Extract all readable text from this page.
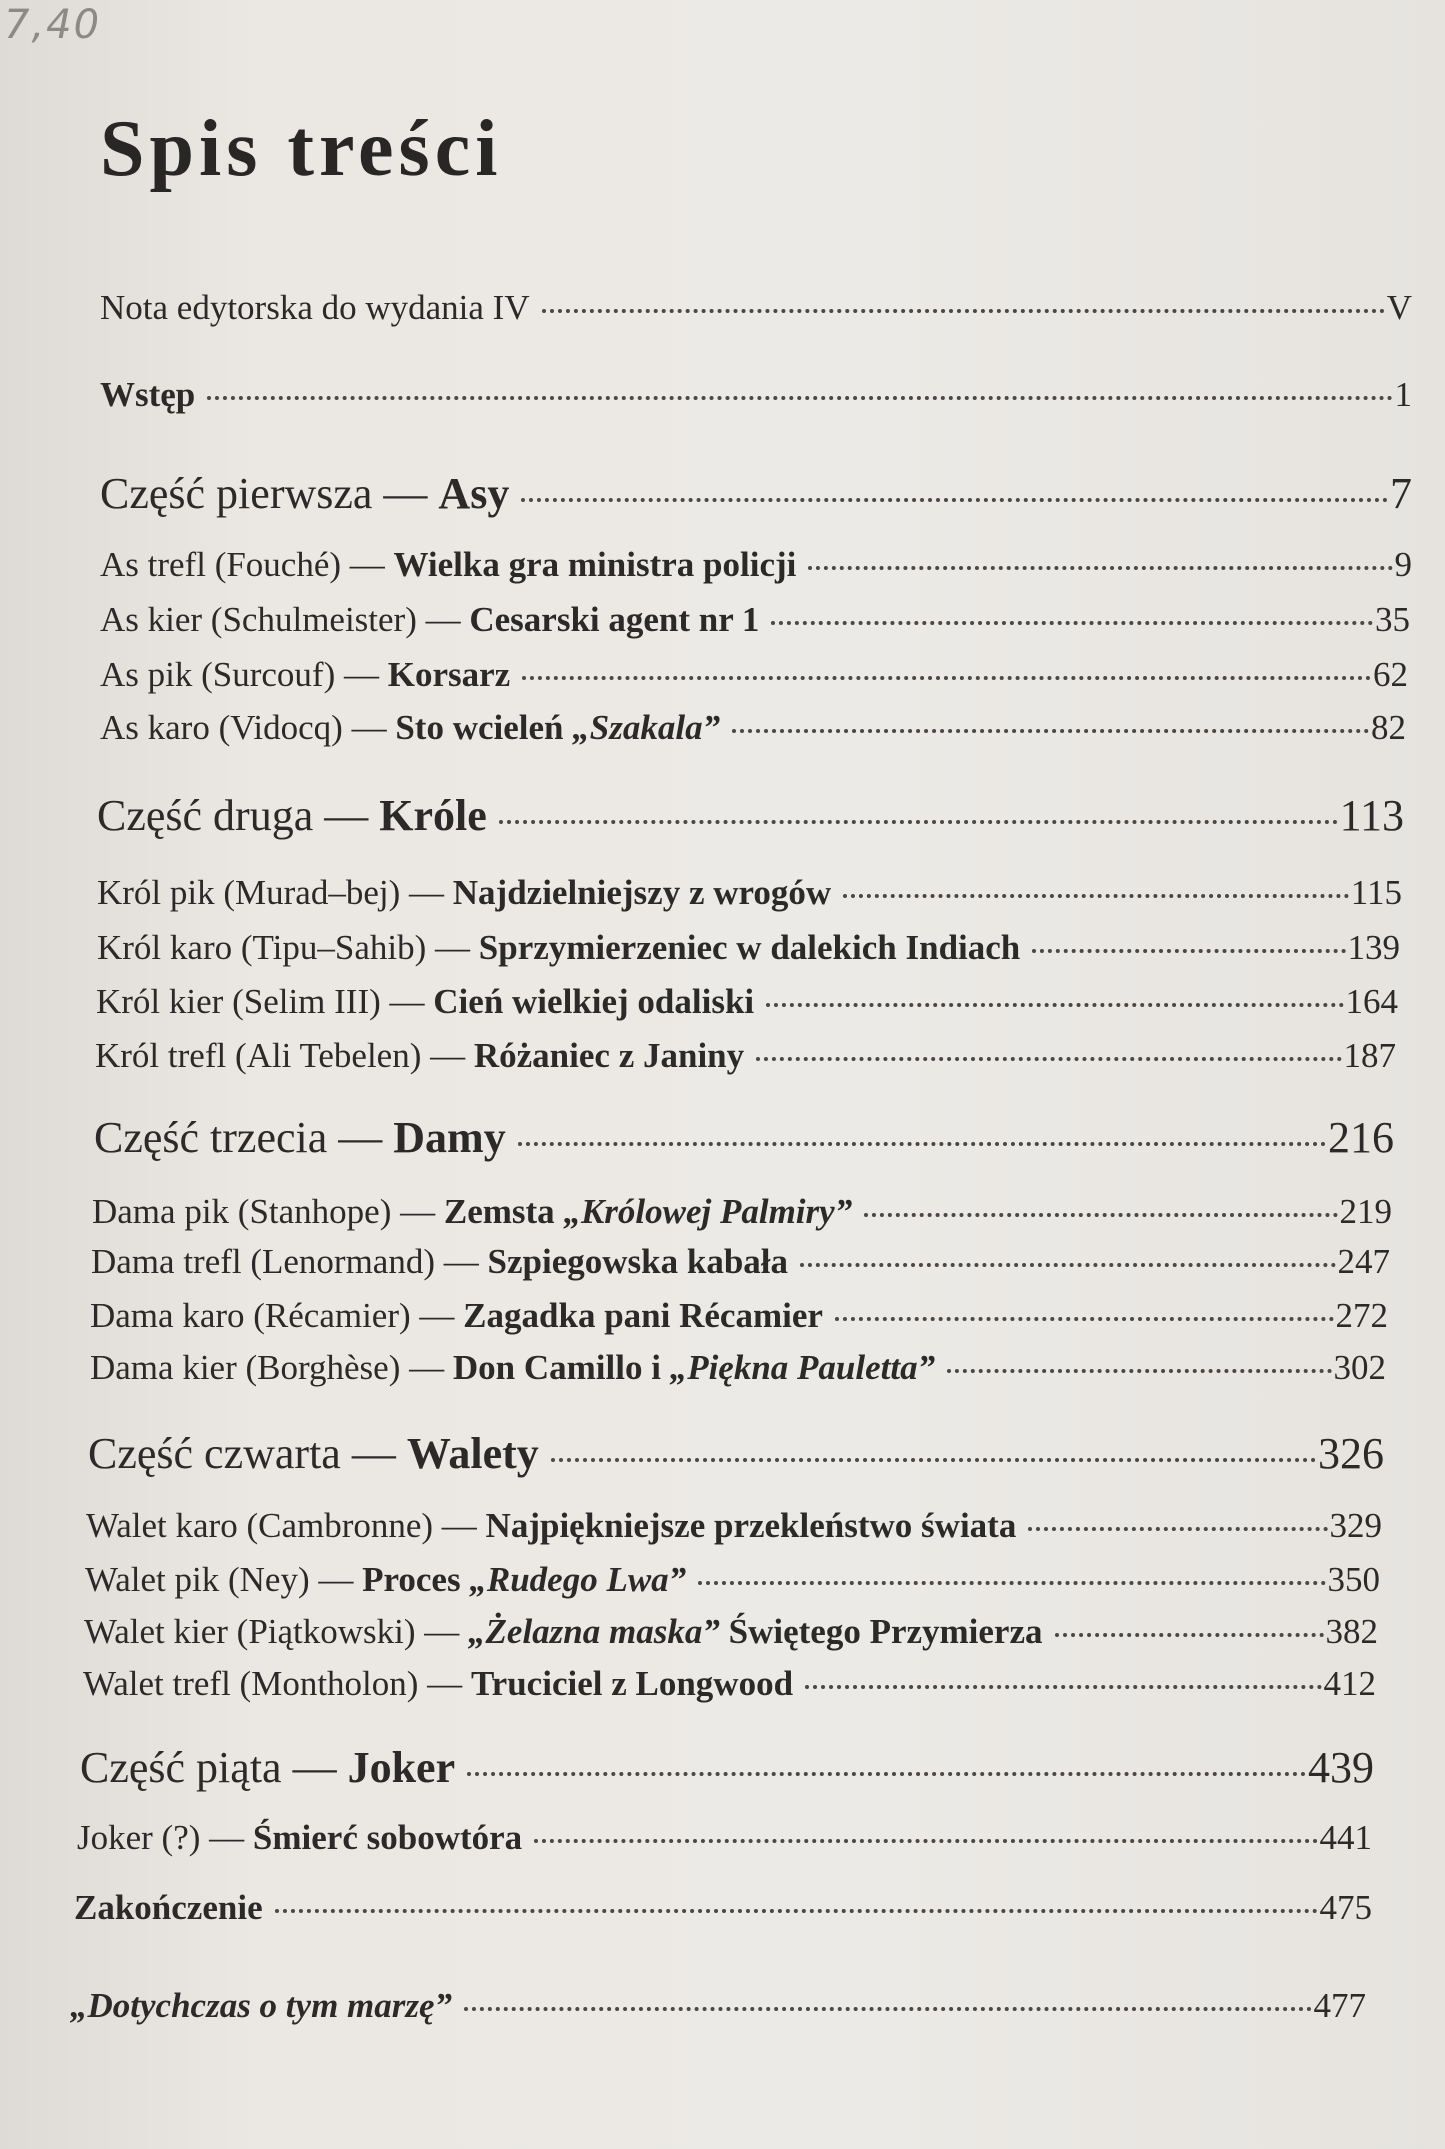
7,40
Spis treści
Nota edytorska do wydania IV	V
Wstęp	1
Część pierwsza — Asy	7
As trefl (Fouché) — Wielka gra ministra policji	9
As kier (Schulmeister) — Cesarski agent nr 1	35
As pik (Surcouf) — Korsarz	62
As karo (Vidocq) — Sto wcieleń „Szakala”	82
Część druga — Króle	113
Król pik (Murad–bej) — Najdzielniejszy z wrogów	115
Król karo (Tipu–Sahib) — Sprzymierzeniec w dalekich Indiach	139
Król kier (Selim III) — Cień wielkiej odaliski	164
Król trefl (Ali Tebelen) — Różaniec z Janiny	187
Część trzecia — Damy	216
Dama pik (Stanhope) — Zemsta „Królowej Palmiry”	219
Dama trefl (Lenormand) — Szpiegowska kabała	247
Dama karo (Récamier) — Zagadka pani Récamier	272
Dama kier (Borghèse) — Don Camillo i „Piękna Pauletta”	302
Część czwarta — Walety	326
Walet karo (Cambronne) — Najpiękniejsze przekleństwo świata	329
Walet pik (Ney) — Proces „Rudego Lwa”	350
Walet kier (Piątkowski) — „Żelazna maska” Świętego Przymierza	382
Walet trefl (Montholon) — Truciciel z Longwood	412
Część piąta — Joker	439
Joker (?) — Śmierć sobowtóra	441
Zakończenie	475
„Dotychczas o tym marzę”	477
